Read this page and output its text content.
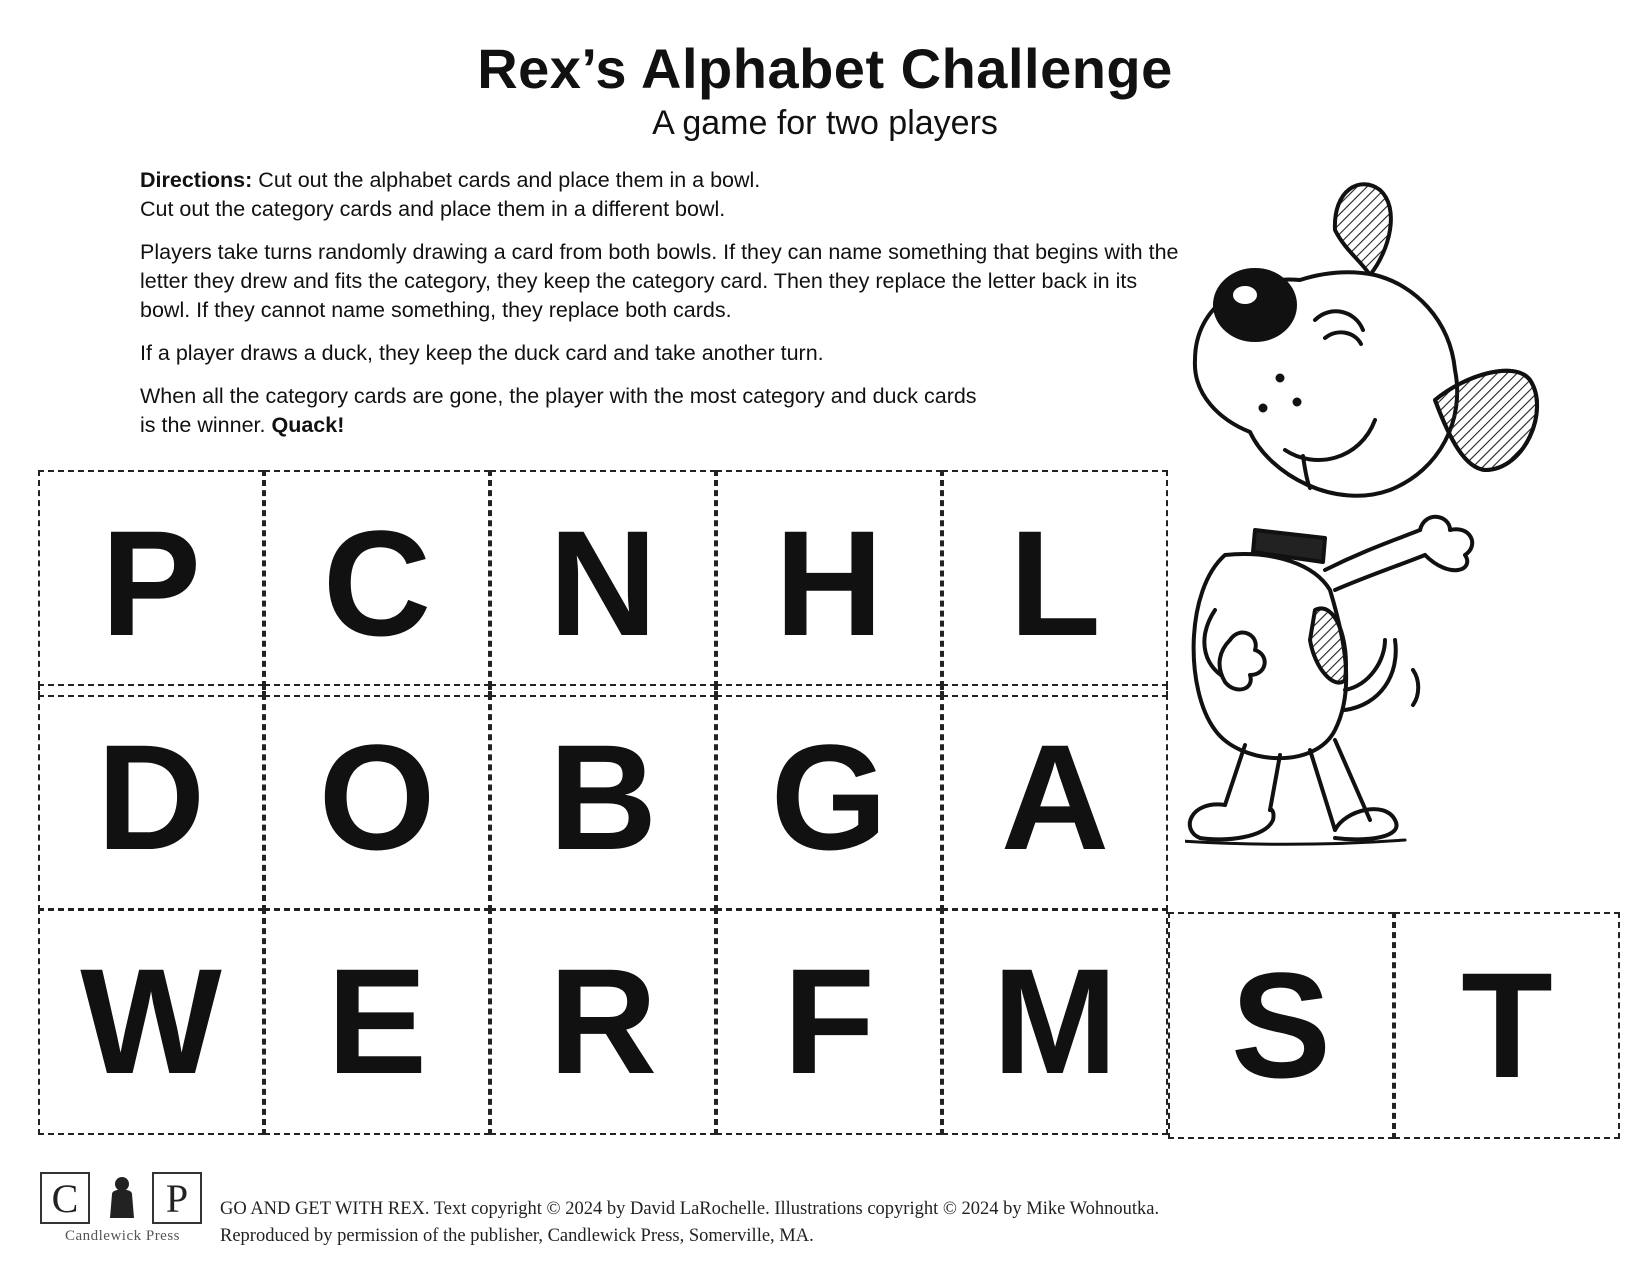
Rex’s Alphabet Challenge
A game for two players

Directions: Cut out the alphabet cards and place them in a bowl.
Cut out the category cards and place them in a different bowl.

Players take turns randomly drawing a card from both bowls. If they can name something that begins with the letter they drew and fits the category, they keep the category card. Then they replace the letter back in its bowl. If they cannot name something, they replace both cards.

If a player draws a duck, they keep the duck card and take another turn.

When all the category cards are gone, the player with the most category and duck cards is the winner. Quack!

P C N H L
D O B G A
W E R F M S T
C	P
Candlewick Press

GO AND GET WITH REX. Text copyright © 2024 by David LaRochelle. Illustrations copyright © 2024 by Mike Wohnoutka.

Reproduced by permission of the publisher, Candlewick Press, Somerville, MA.
